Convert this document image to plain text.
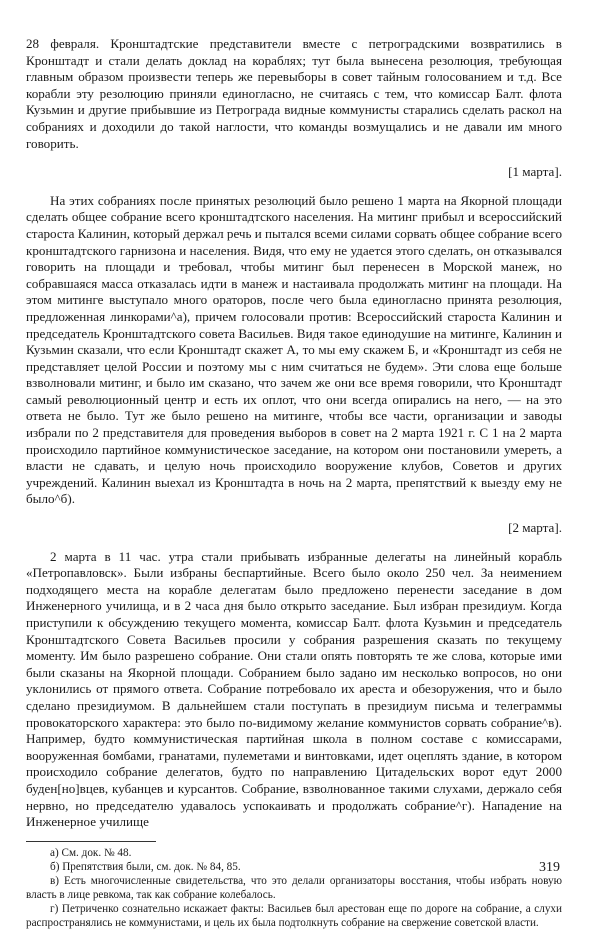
28 февраля. Кронштадтские представители вместе с петроградскими возвратились в Кронштадт и стали делать доклад на кораблях; тут была вынесена резолюция, требующая главным образом произвести теперь же перевыборы в совет тайным голосованием и т.д. Все корабли эту резолюцию приняли единогласно, не считаясь с тем, что комиссар Балт. флота Кузьмин и другие прибывшие из Петрограда видные коммунисты старались сделать раскол на собраниях и доходили до такой наглости, что команды возмущались и не давали им много говорить.

[1 марта].

На этих собраниях после принятых резолюций было решено 1 марта на Якорной площади сделать общее собрание всего кронштадтского населения. На митинг прибыл и всероссийский староста Калинин, который держал речь и пытался всеми силами сорвать общее собрание всего кронштадтского гарнизона и населения. Видя, что ему не удается этого сделать, он отказывался говорить на площади и требовал, чтобы митинг был перенесен в Морской манеж, но собравшаяся масса отказалась идти в манеж и настаивала продолжать митинг на площади. На этом митинге выступало много ораторов, после чего была единогласно принята резолюция, предложенная линкорами^а), причем голосовали против: Всероссийский староста Калинин и председатель Кронштадтского совета Васильев. Видя такое единодушие на митинге, Калинин и Кузьмин сказали, что если Кронштадт скажет А, то мы ему скажем Б, и «Кронштадт из себя не представляет целой России и поэтому мы с ним считаться не будем». Эти слова еще больше взволновали митинг, и было им сказано, что зачем же они все время говорили, что Кронштадт самый революционный центр и есть их оплот, что они всегда опирались на него, — на это ответа не было. Тут же было решено на митинге, чтобы все части, организации и заводы избрали по 2 представителя для проведения выборов в совет на 2 марта 1921 г. С 1 на 2 марта происходило партийное коммунистическое заседание, на котором они постановили умереть, а власти не сдавать, и целую ночь происходило вооружение клубов, Советов и других учреждений. Калинин выехал из Кронштадта в ночь на 2 марта, препятствий к выезду ему не было^б).

[2 марта].

2 марта в 11 час. утра стали прибывать избранные делегаты на линейный корабль «Петропавловск». Были избраны беспартийные. Всего было около 250 чел. За неимением подходящего места на корабле делегатам было предложено перенести заседание в дом Инженерного училища, и в 2 часа дня было открыто заседание. Был избран президиум. Когда приступили к обсуждению текущего момента, комиссар Балт. флота Кузьмин и председатель Кронштадтского Совета Васильев просили у собрания разрешения сказать по текущему моменту. Им было разрешено собрание. Они стали опять повторять те же слова, которые ими были сказаны на Якорной площади. Собранием было задано им несколько вопросов, но они уклонились от прямого ответа. Собрание потребовало их ареста и обезоружения, что и было сделано президиумом. В дальнейшем стали поступать в президиум письма и телеграммы провокаторского характера: это было по-видимому желание коммунистов сорвать собрание^в). Например, будто коммунистическая партийная школа в полном составе с комиссарами, вооруженная бомбами, гранатами, пулеметами и винтовками, идет оцеплять здание, в котором происходило собрание делегатов, будто по направлению Цитадельских ворот едут 2000 буден[но]вцев, кубанцев и курсантов. Собрание, взволнованное такими слухами, держало себя нервно, но председателю удавалось успокаивать и продолжать собрание^г). Нападение на Инженерное училище

а) См. док. № 48.

б) Препятствия были, см. док. № 84, 85.

в) Есть многочисленные свидетельства, что это делали организаторы восстания, чтобы избрать новую власть в лице ревкома, так как собрание колебалось.

г) Петриченко сознательно искажает факты: Васильев был арестован еще по дороге на собрание, а слухи распространялись не коммунистами, и цель их была подтолкнуть собрание на свержение советской власти.

319
